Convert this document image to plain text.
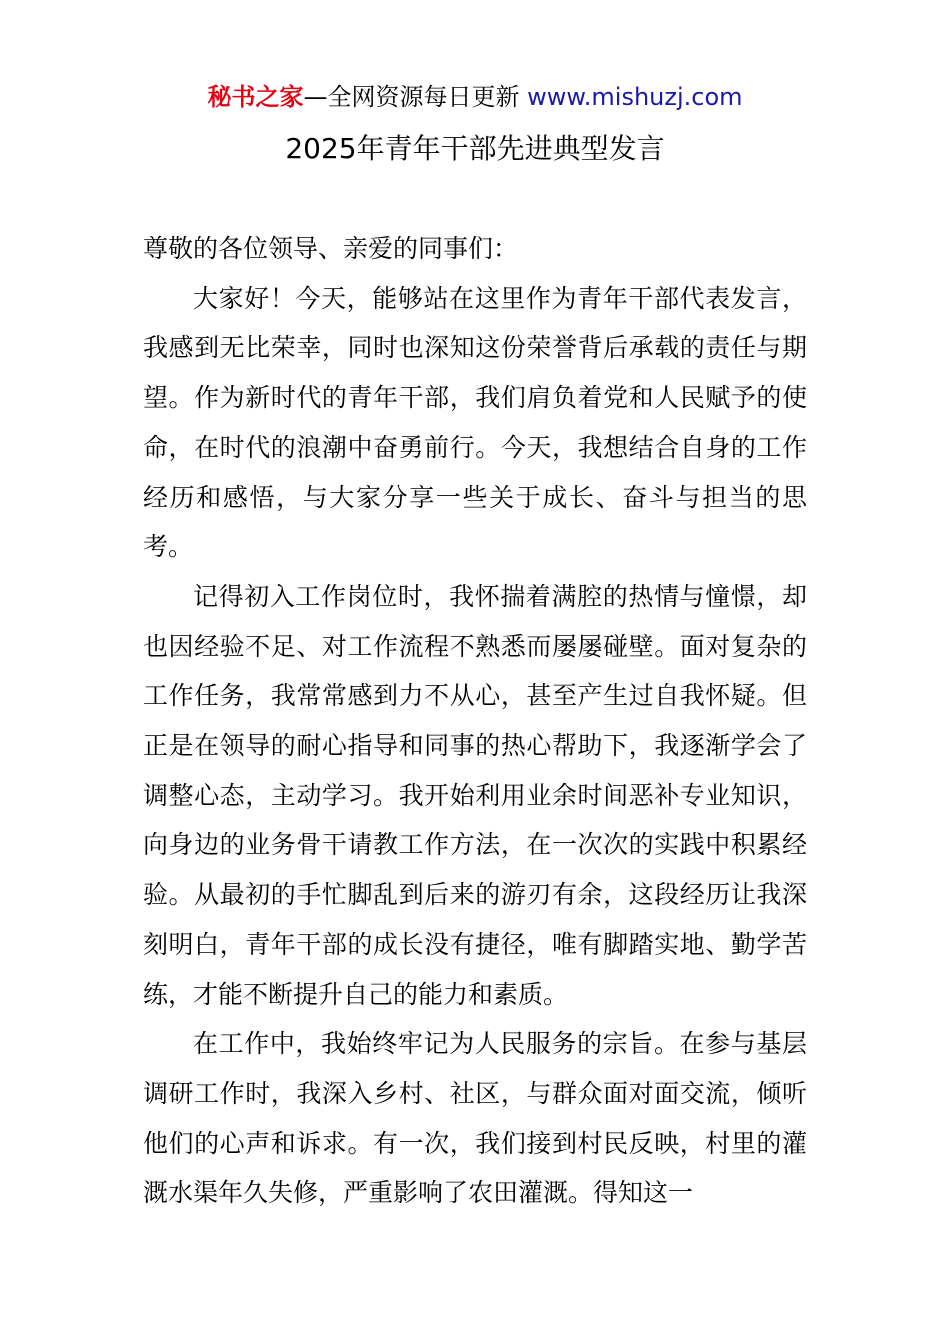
秘书之家—全网资源每日更新 www.mishuzj.com
2025年青年干部先进典型发言

尊敬的各位领导、亲爱的同事们：

大家好！今天，能够站在这里作为青年干部代表发言，我感到无比荣幸，同时也深知这份荣誉背后承载的责任与期望。作为新时代的青年干部，我们肩负着党和人民赋予的使命，在时代的浪潮中奋勇前行。今天，我想结合自身的工作经历和感悟，与大家分享一些关于成长、奋斗与担当的思考。

记得初入工作岗位时，我怀揣着满腔的热情与憧憬，却也因经验不足、对工作流程不熟悉而屡屡碰壁。面对复杂的工作任务，我常常感到力不从心，甚至产生过自我怀疑。但正是在领导的耐心指导和同事的热心帮助下，我逐渐学会了调整心态，主动学习。我开始利用业余时间恶补专业知识，向身边的业务骨干请教工作方法，在一次次的实践中积累经验。从最初的手忙脚乱到后来的游刃有余，这段经历让我深刻明白，青年干部的成长没有捷径，唯有脚踏实地、勤学苦练，才能不断提升自己的能力和素质。

在工作中，我始终牢记为人民服务的宗旨。在参与基层调研工作时，我深入乡村、社区，与群众面对面交流，倾听他们的心声和诉求。有一次，我们接到村民反映，村里的灌溉水渠年久失修，严重影响了农田灌溉。得知这一
